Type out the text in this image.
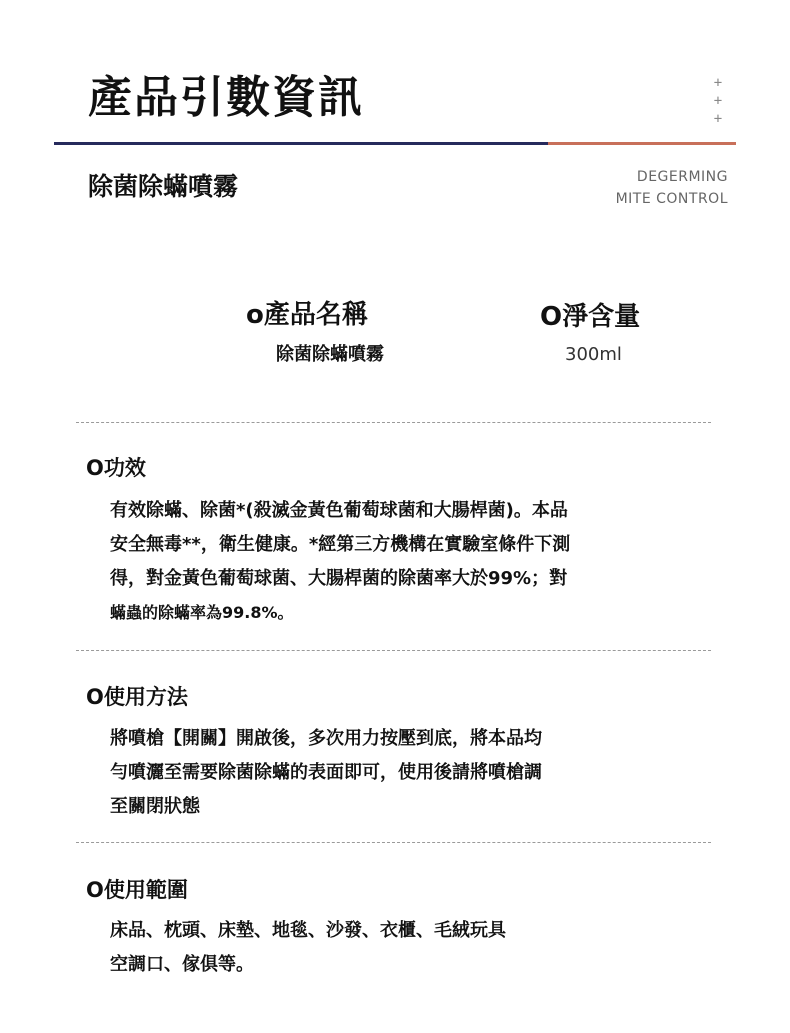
產品引數資訊	+
+
+
除菌除蟎噴霧	DEGERMING
MITE CONTROL
o產品名稱
除菌除蟎噴霧
O淨含量
300ml
O功效
有效除蟎、除菌*(殺滅金黃色葡萄球菌和大腸桿菌)。本品
安全無毒**，衛生健康。*經第三方機構在實驗室條件下測
得，對金黃色葡萄球菌、大腸桿菌的除菌率大於99%；對
蟎蟲的除蟎率為99.8%。
O使用方法
將噴槍【開關】開啟後，多次用力按壓到底，將本品均
勻噴灑至需要除菌除蟎的表面即可，使用後請將噴槍調
至關閉狀態
O使用範圍
床品、枕頭、床墊、地毯、沙發、衣櫃、毛絨玩具
空調口、傢俱等。
